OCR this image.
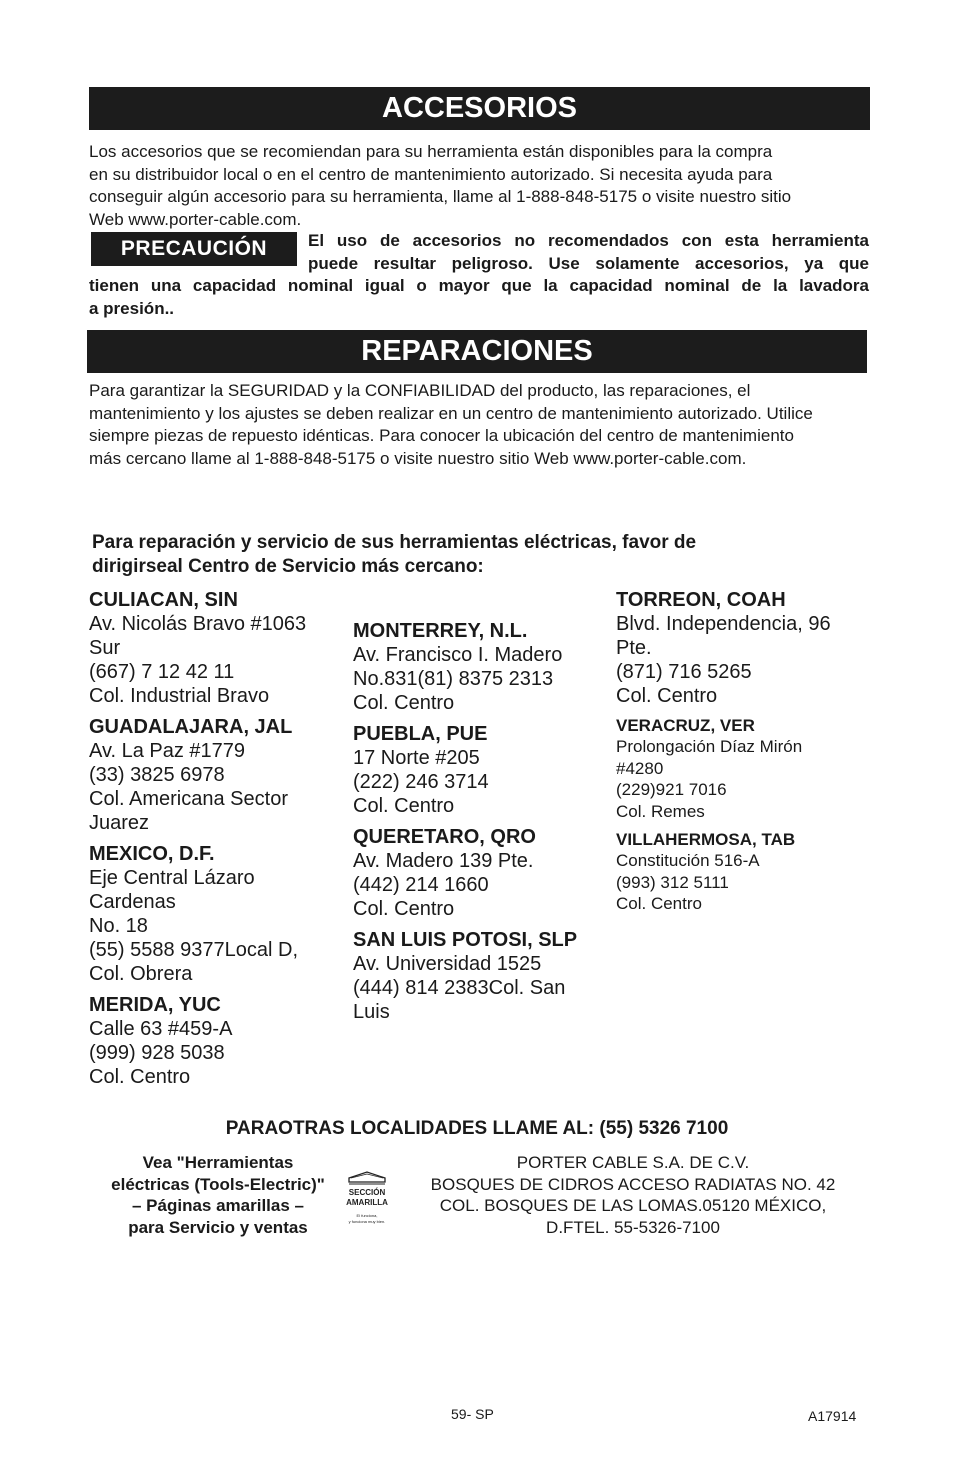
ACCESORIOS
Los accesorios que se recomiendan para su herramienta están disponibles para la compra
en su distribuidor local o en el centro de mantenimiento autorizado. Si necesita ayuda para
conseguir algún accesorio para su herramienta, llame al 1-888-848-5175 o visite nuestro sitio
Web www.porter-cable.com.
PRECAUCIÓN	El uso de accesorios no recomendados con esta herramienta
puede resultar peligroso. Use solamente accesorios, ya que
tienen una capacidad nominal igual o mayor que la capacidad nominal de la lavadora
a presión..
REPARACIONES
Para garantizar la SEGURIDAD y la CONFIABILIDAD del producto, las reparaciones, el
mantenimiento y los ajustes se deben realizar en un centro de mantenimiento autorizado. Utilice
siempre piezas de repuesto idénticas. Para conocer la ubicación del centro de mantenimiento
más cercano llame al 1-888-848-5175 o visite nuestro sitio Web www.porter-cable.com.
Para reparación y servicio de sus herramientas eléctricas, favor de
dirigirseal Centro de Servicio más cercano:
CULIACAN, SIN
Av. Nicolás Bravo #1063
Sur
(667) 7 12 42 11
Col. Industrial Bravo
GUADALAJARA, JAL
Av. La Paz #1779
(33) 3825 6978
Col. Americana Sector
Juarez
MEXICO, D.F.
Eje Central Lázaro
Cardenas
No. 18
(55) 5588 9377Local D,
Col. Obrera
MERIDA, YUC
Calle 63 #459-A
(999) 928 5038
Col. Centro
MONTERREY, N.L.
Av. Francisco I. Madero
No.831(81) 8375 2313
Col. Centro
PUEBLA, PUE
17 Norte #205
(222) 246 3714
Col. Centro
QUERETARO, QRO
Av. Madero 139 Pte.
(442) 214 1660
Col. Centro
SAN LUIS POTOSI, SLP
Av. Universidad 1525
(444) 814 2383Col. San
Luis
TORREON, COAH
Blvd. Independencia, 96
Pte.
(871) 716 5265
Col. Centro
VERACRUZ, VER
Prolongación Díaz Mirón
#4280
(229)921 7016
Col. Remes
VILLAHERMOSA, TAB
Constitución 516-A
(993) 312 5111
Col. Centro
PARAOTRAS LOCALIDADES LLAME AL: (55) 5326 7100
Vea "Herramientas
eléctricas (Tools-Electric)"
– Páginas amarillas –
para Servicio y ventas
SECCIÓN
AMARILLA
El funciona,
y funciona muy bien.
PORTER CABLE S.A. DE C.V.
BOSQUES DE CIDROS ACCESO RADIATAS NO. 42
COL. BOSQUES DE LAS LOMAS.05120 MÉXICO,
D.FTEL. 55-5326-7100
59- SP	A17914
